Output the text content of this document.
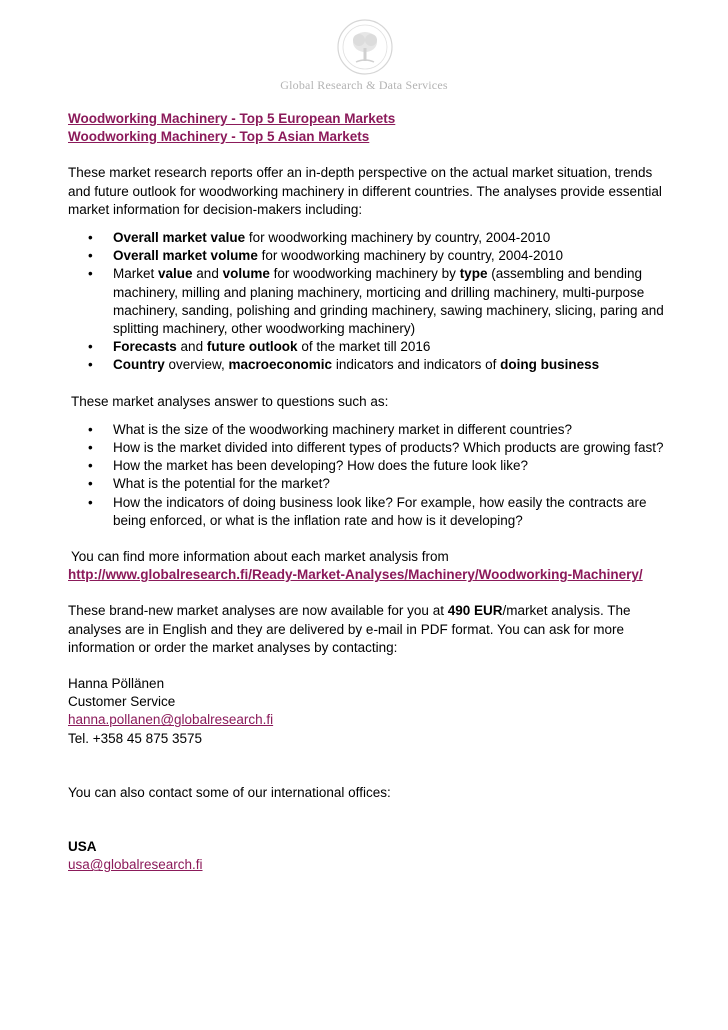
Global Research & Data Services
Woodworking Machinery - Top 5 European Markets
Woodworking Machinery - Top 5 Asian Markets

These market research reports offer an in-depth perspective on the actual market situation, trends and future outlook for woodworking machinery in different countries. The analyses provide essential market information for decision-makers including:

• Overall market value for woodworking machinery by country, 2004-2010
• Overall market volume for woodworking machinery by country, 2004-2010
• Market value and volume for woodworking machinery by type (assembling and bending machinery, milling and planing machinery, morticing and drilling machinery, multi-purpose machinery, sanding, polishing and grinding machinery, sawing machinery, slicing, paring and splitting machinery, other woodworking machinery)
• Forecasts and future outlook of the market till 2016
• Country overview, macroeconomic indicators and indicators of doing business

These market analyses answer to questions such as:

• What is the size of the woodworking machinery market in different countries?
• How is the market divided into different types of products? Which products are growing fast?
• How the market has been developing? How does the future look like?
• What is the potential for the market?
• How the indicators of doing business look like? For example, how easily the contracts are being enforced, or what is the inflation rate and how is it developing?

You can find more information about each market analysis from

http://www.globalresearch.fi/Ready-Market-Analyses/Machinery/Woodworking-Machinery/

These brand-new market analyses are now available for you at 490 EUR/market analysis. The analyses are in English and they are delivered by e-mail in PDF format. You can ask for more information or order the market analyses by contacting:

Hanna Pöllänen

Customer Service

hanna.pollanen@globalresearch.fi

Tel. +358 45 875 3575

You can also contact some of our international offices:

USA

usa@globalresearch.fi
